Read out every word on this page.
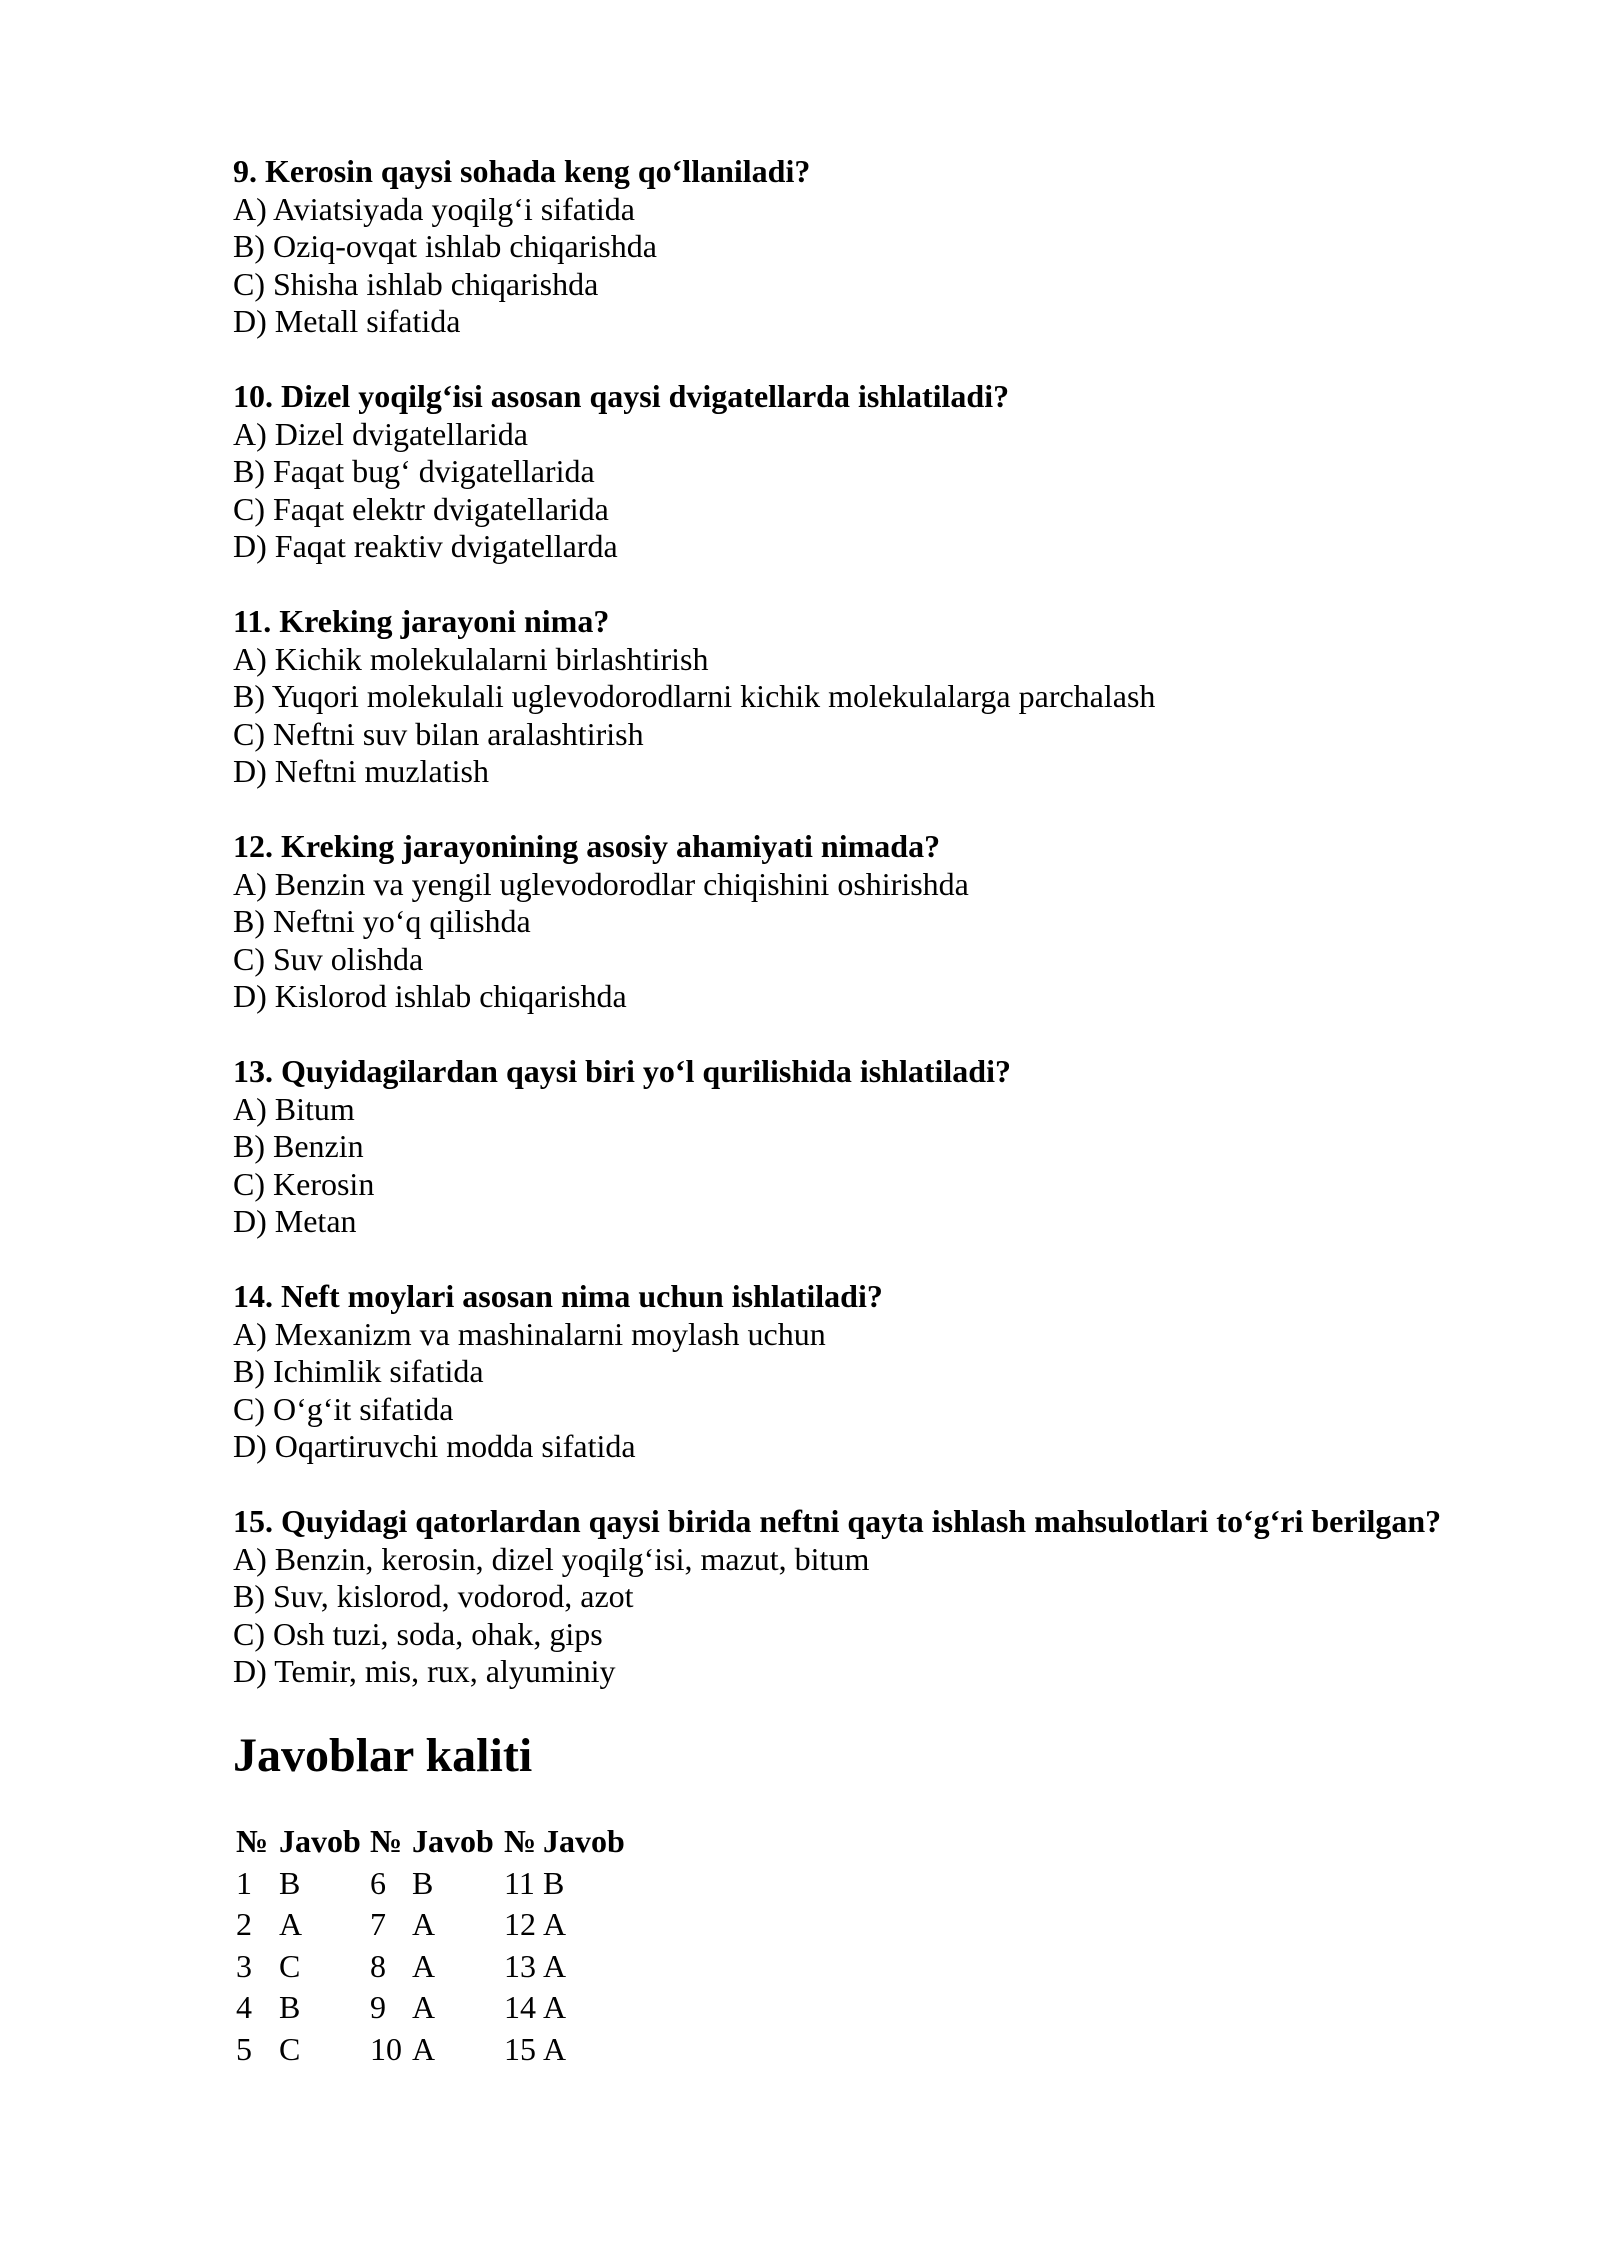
9. Kerosin qaysi sohada keng qo‘llaniladi?
A) Aviatsiyada yoqilg‘i sifatida
B) Oziq-ovqat ishlab chiqarishda
C) Shisha ishlab chiqarishda
D) Metall sifatida
10. Dizel yoqilg‘isi asosan qaysi dvigatellarda ishlatiladi?
A) Dizel dvigatellarida
B) Faqat bug‘ dvigatellarida
C) Faqat elektr dvigatellarida
D) Faqat reaktiv dvigatellarda
11. Kreking jarayoni nima?
A) Kichik molekulalarni birlashtirish
B) Yuqori molekulali uglevodorodlarni kichik molekulalarga parchalash
C) Neftni suv bilan aralashtirish
D) Neftni muzlatish
12. Kreking jarayonining asosiy ahamiyati nimada?
A) Benzin va yengil uglevodorodlar chiqishini oshirishda
B) Neftni yo‘q qilishda
C) Suv olishda
D) Kislorod ishlab chiqarishda
13. Quyidagilardan qaysi biri yo‘l qurilishida ishlatiladi?
A) Bitum
B) Benzin
C) Kerosin
D) Metan
14. Neft moylari asosan nima uchun ishlatiladi?
A) Mexanizm va mashinalarni moylash uchun
B) Ichimlik sifatida
C) O‘g‘it sifatida
D) Oqartiruvchi modda sifatida
15. Quyidagi qatorlardan qaysi birida neftni qayta ishlash mahsulotlari to‘g‘ri berilgan?
A) Benzin, kerosin, dizel yoqilg‘isi, mazut, bitum
B) Suv, kislorod, vodorod, azot
C) Osh tuzi, soda, ohak, gips
D) Temir, mis, rux, alyuminiy
Javoblar kaliti
№	Javob	№	Javob	№	Javob
1	B	6	B	11	B
2	A	7	A	12	A
3	C	8	A	13	A
4	B	9	A	14	A
5	C	10	A	15	A
